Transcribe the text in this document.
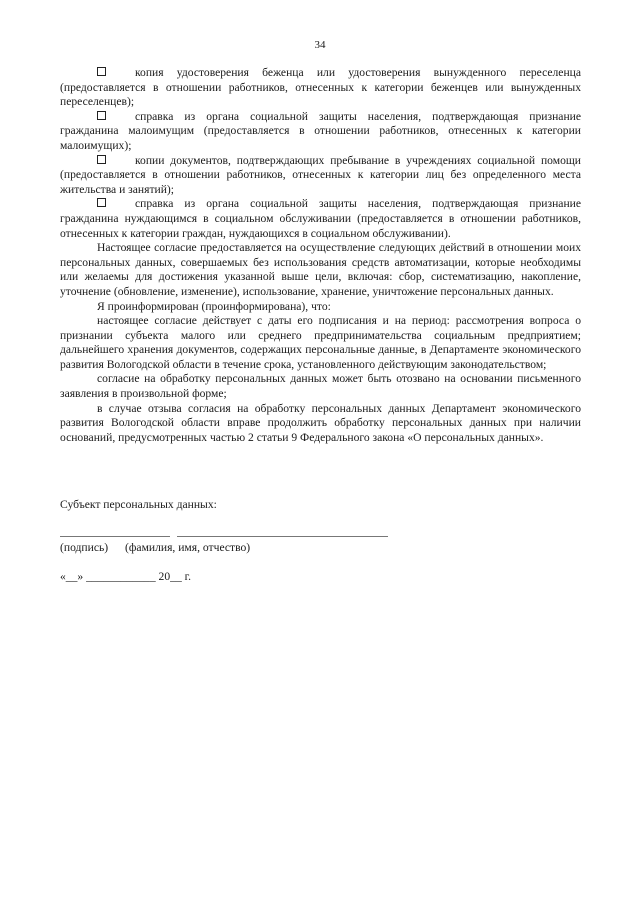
34

копия удостоверения беженца или удостоверения вынужденного переселенца (предоставляется в отношении работников, отнесенных к категории беженцев или вынужденных переселенцев);

справка из органа социальной защиты населения, подтверждающая признание гражданина малоимущим (предоставляется в отношении работников, отнесенных к категории малоимущих);

копии документов, подтверждающих пребывание в учреждениях социальной помощи (предоставляется в отношении работников, отнесенных к категории лиц без определенного места жительства и занятий);

справка из органа социальной защиты населения, подтверждающая признание гражданина нуждающимся в социальном обслуживании (предоставляется в отношении работников, отнесенных к категории граждан, нуждающихся в социальном обслуживании).

Настоящее согласие предоставляется на осуществление следующих действий в отношении моих персональных данных, совершаемых без использования средств автоматизации, которые необходимы или желаемы для достижения указанной выше цели, включая: сбор, систематизацию, накопление, уточнение (обновление, изменение), использование, хранение, уничтожение персональных данных.

Я проинформирован (проинформирована), что:

настоящее согласие действует с даты его подписания и на период: рассмотрения вопроса о признании субъекта малого или среднего предпринимательства социальным предприятием; дальнейшего хранения документов, содержащих персональные данные, в Департаменте экономического развития Вологодской области в течение срока, установленного действующим законодательством;

согласие на обработку персональных данных может быть отозвано на основании письменного заявления в произвольной форме;

в случае отзыва согласия на обработку персональных данных Департамент экономического развития Вологодской области вправе продолжить обработку персональных данных при наличии оснований, предусмотренных частью 2 статьи 9 Федерального закона «О персональных данных».

Субъект персональных данных:
(подпись) (фамилия, имя, отчество)
«__» ____________ 20__ г.
